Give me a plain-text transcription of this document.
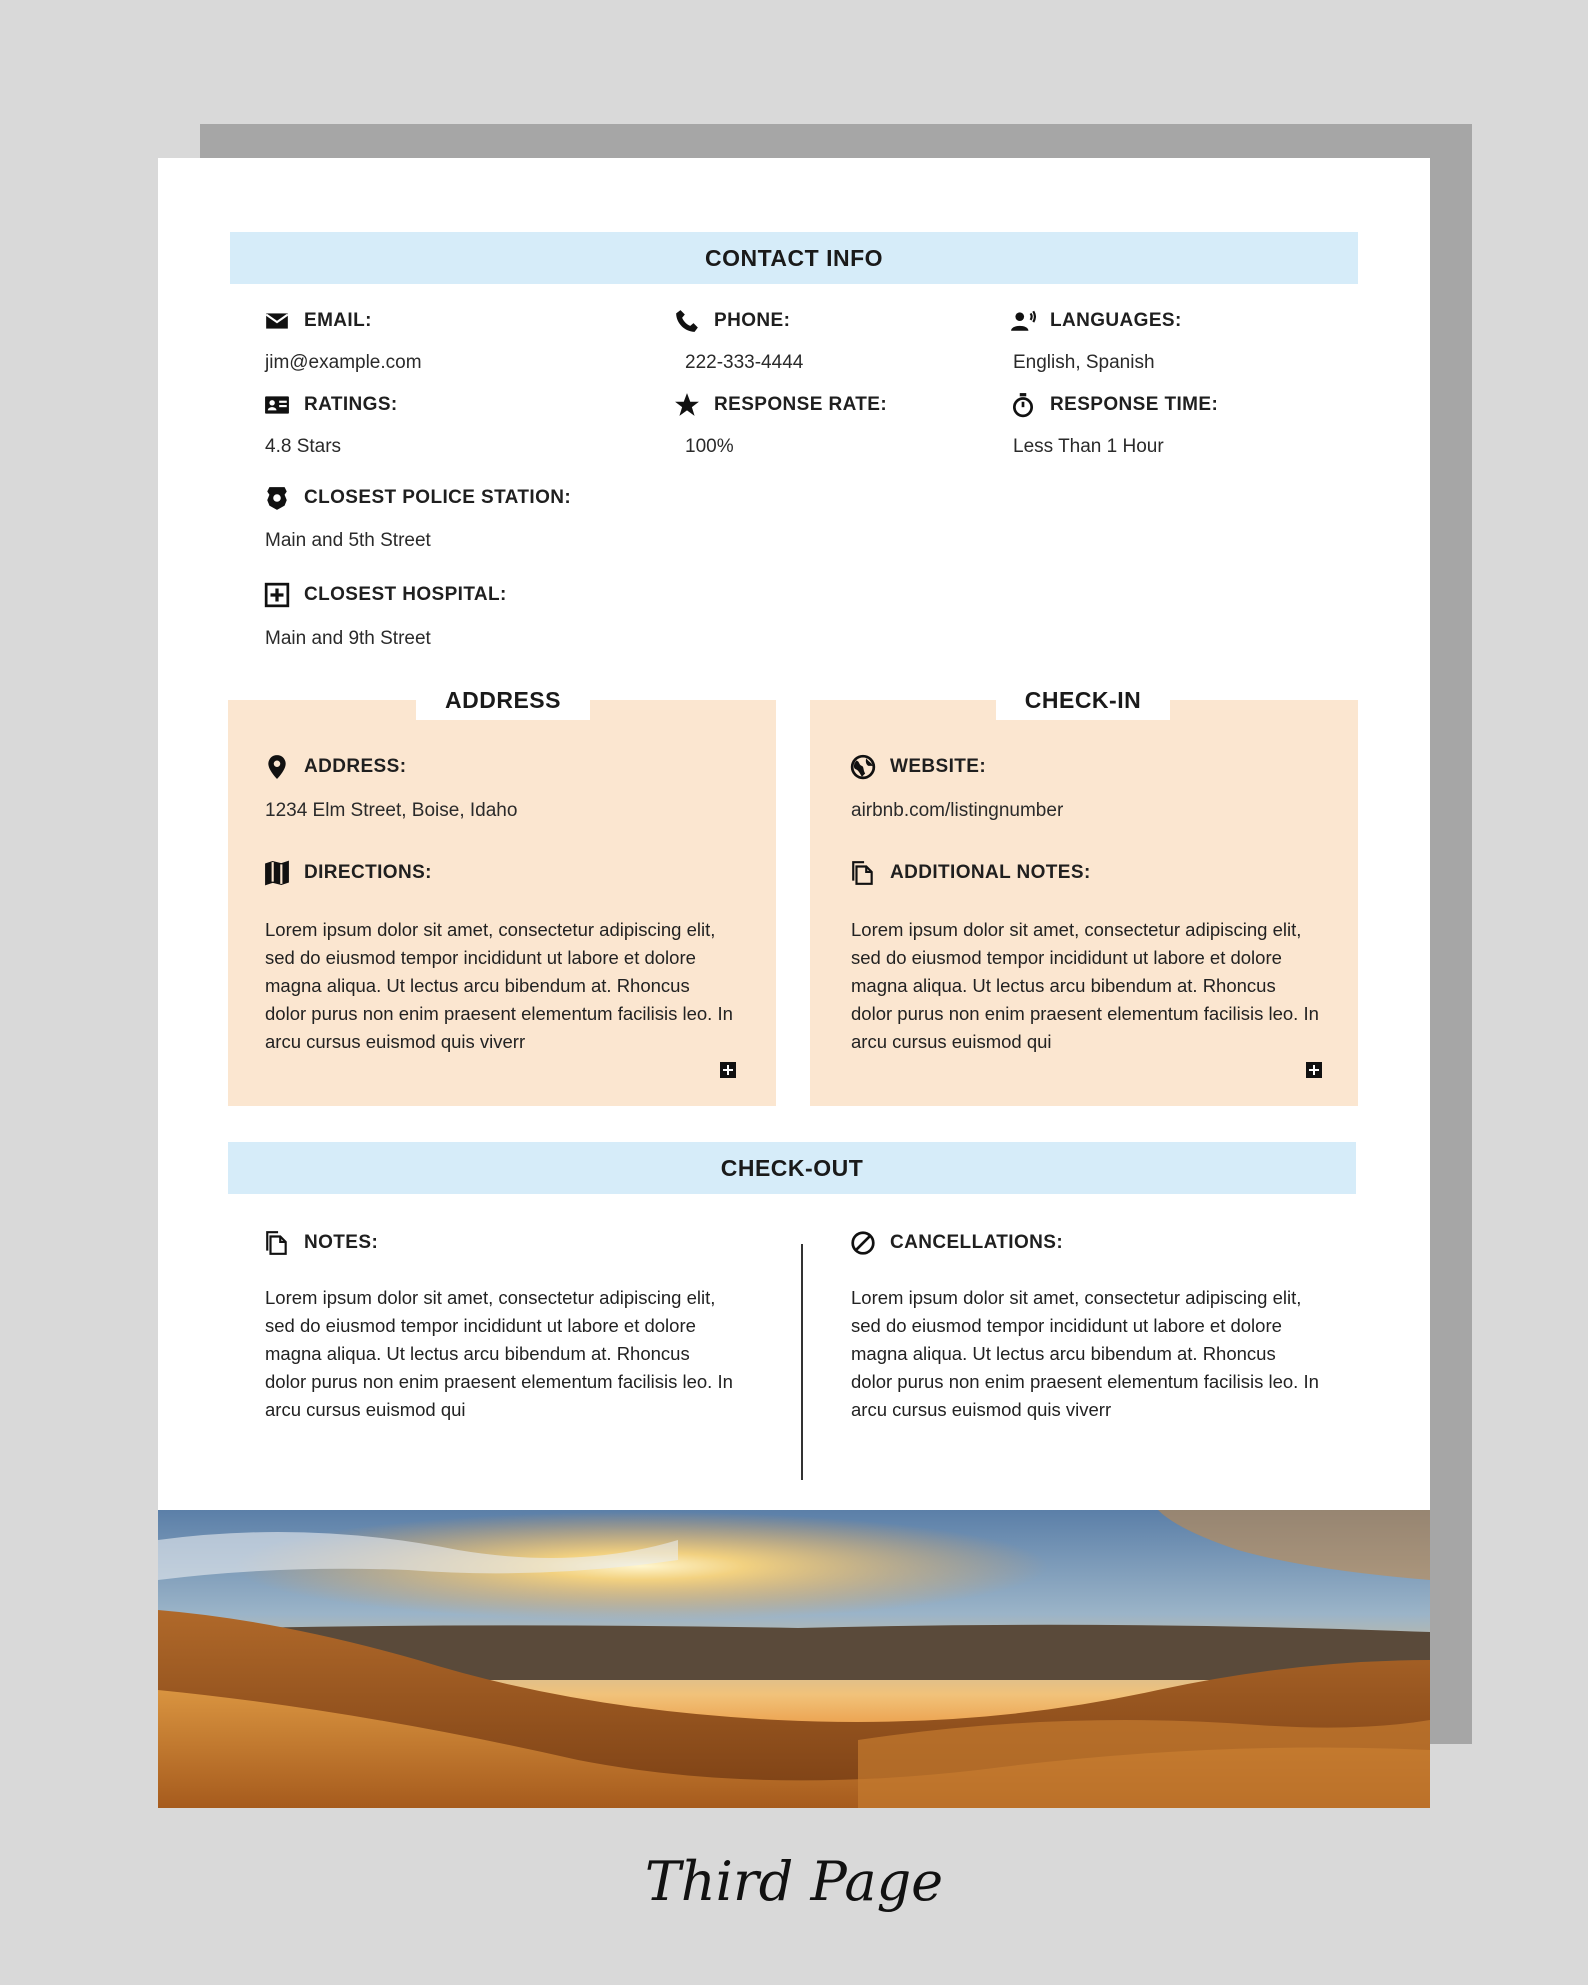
CONTACT INFO
EMAIL:
jim@example.com
PHONE:
222-333-4444
LANGUAGES:
English, Spanish
RATINGS:
4.8 Stars
RESPONSE RATE:
100%
RESPONSE TIME:
Less Than 1 Hour
CLOSEST POLICE STATION:
Main and 5th Street
CLOSEST HOSPITAL:
Main and 9th Street
ADDRESS
ADDRESS:
1234 Elm Street, Boise, Idaho
DIRECTIONS:
Lorem ipsum dolor sit amet, consectetur adipiscing elit, sed do eiusmod tempor incididunt ut labore et dolore magna aliqua. Ut lectus arcu bibendum at. Rhoncus dolor purus non enim praesent elementum facilisis leo. In arcu cursus euismod quis viverr
CHECK-IN
WEBSITE:
airbnb.com/listingnumber
ADDITIONAL NOTES:
Lorem ipsum dolor sit amet, consectetur adipiscing elit, sed do eiusmod tempor incididunt ut labore et dolore magna aliqua. Ut lectus arcu bibendum at. Rhoncus dolor purus non enim praesent elementum facilisis leo. In arcu cursus euismod qui
CHECK-OUT
NOTES:
Lorem ipsum dolor sit amet, consectetur adipiscing elit, sed do eiusmod tempor incididunt ut labore et dolore magna aliqua. Ut lectus arcu bibendum at. Rhoncus dolor purus non enim praesent elementum facilisis leo. In arcu cursus euismod qui
CANCELLATIONS:
Lorem ipsum dolor sit amet, consectetur adipiscing elit, sed do eiusmod tempor incididunt ut labore et dolore magna aliqua. Ut lectus arcu bibendum at. Rhoncus dolor purus non enim praesent elementum facilisis leo. In arcu cursus euismod quis viverr
Third Page
